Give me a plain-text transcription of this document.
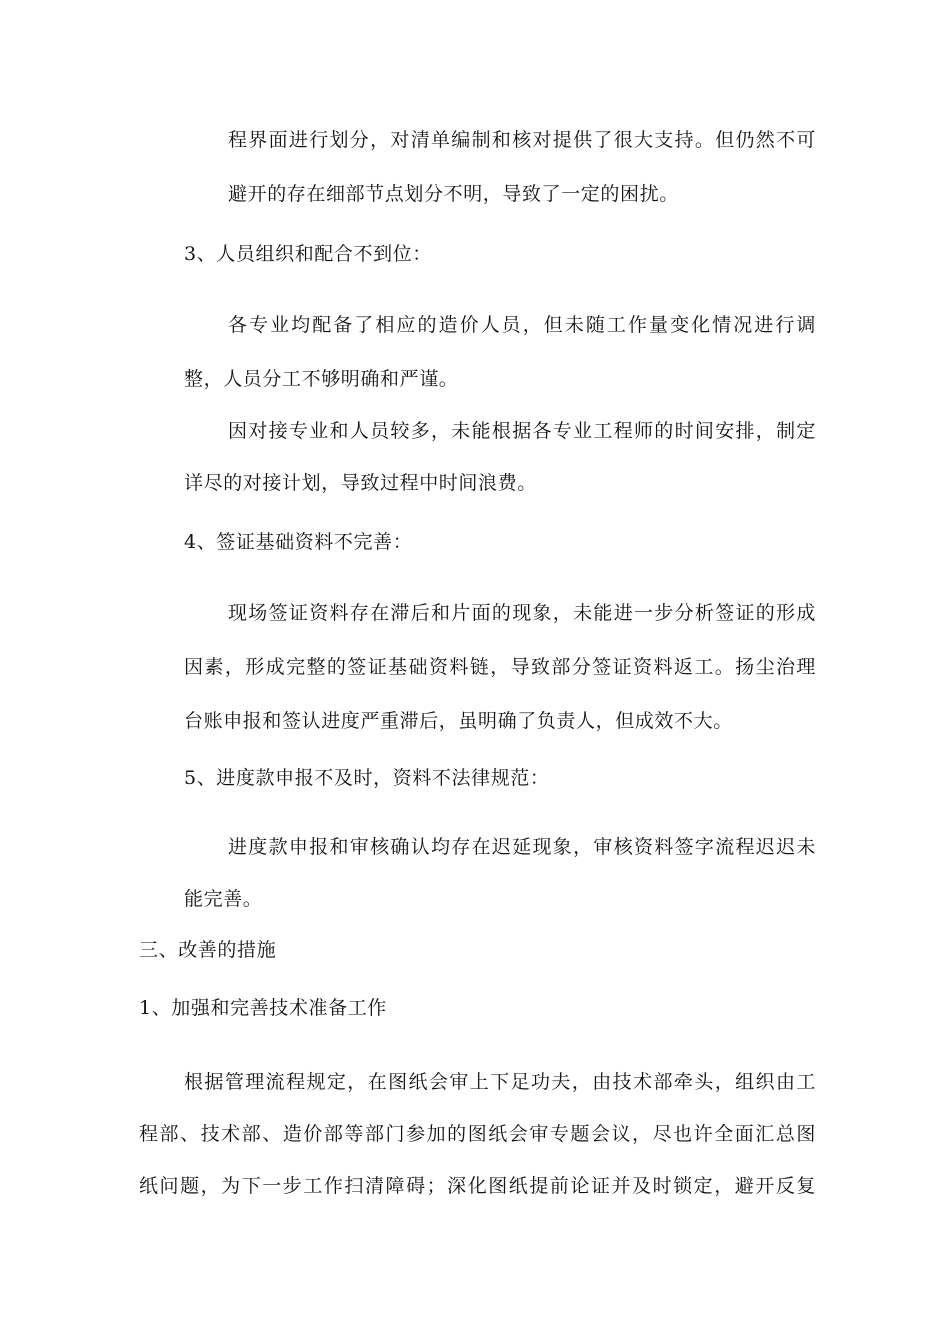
程界面进行划分，对清单编制和核对提供了很大支持。但仍然不可
避开的存在细部节点划分不明，导致了一定的困扰。
3、人员组织和配合不到位：
各专业均配备了相应的造价人员，但未随工作量变化情况进行调
整，人员分工不够明确和严谨。
因对接专业和人员较多，未能根据各专业工程师的时间安排，制定
详尽的对接计划，导致过程中时间浪费。
4、签证基础资料不完善：
现场签证资料存在滞后和片面的现象，未能进一步分析签证的形成
因素，形成完整的签证基础资料链，导致部分签证资料返工。扬尘治理
台账申报和签认进度严重滞后，虽明确了负责人，但成效不大。
5、进度款申报不及时，资料不法律规范：
进度款申报和审核确认均存在迟延现象，审核资料签字流程迟迟未
能完善。
三、改善的措施
1、加强和完善技术准备工作
根据管理流程规定，在图纸会审上下足功夫，由技术部牵头，组织由工
程部、技术部、造价部等部门参加的图纸会审专题会议，尽也许全面汇总图
纸问题，为下一步工作扫清障碍；深化图纸提前论证并及时锁定，避开反复
